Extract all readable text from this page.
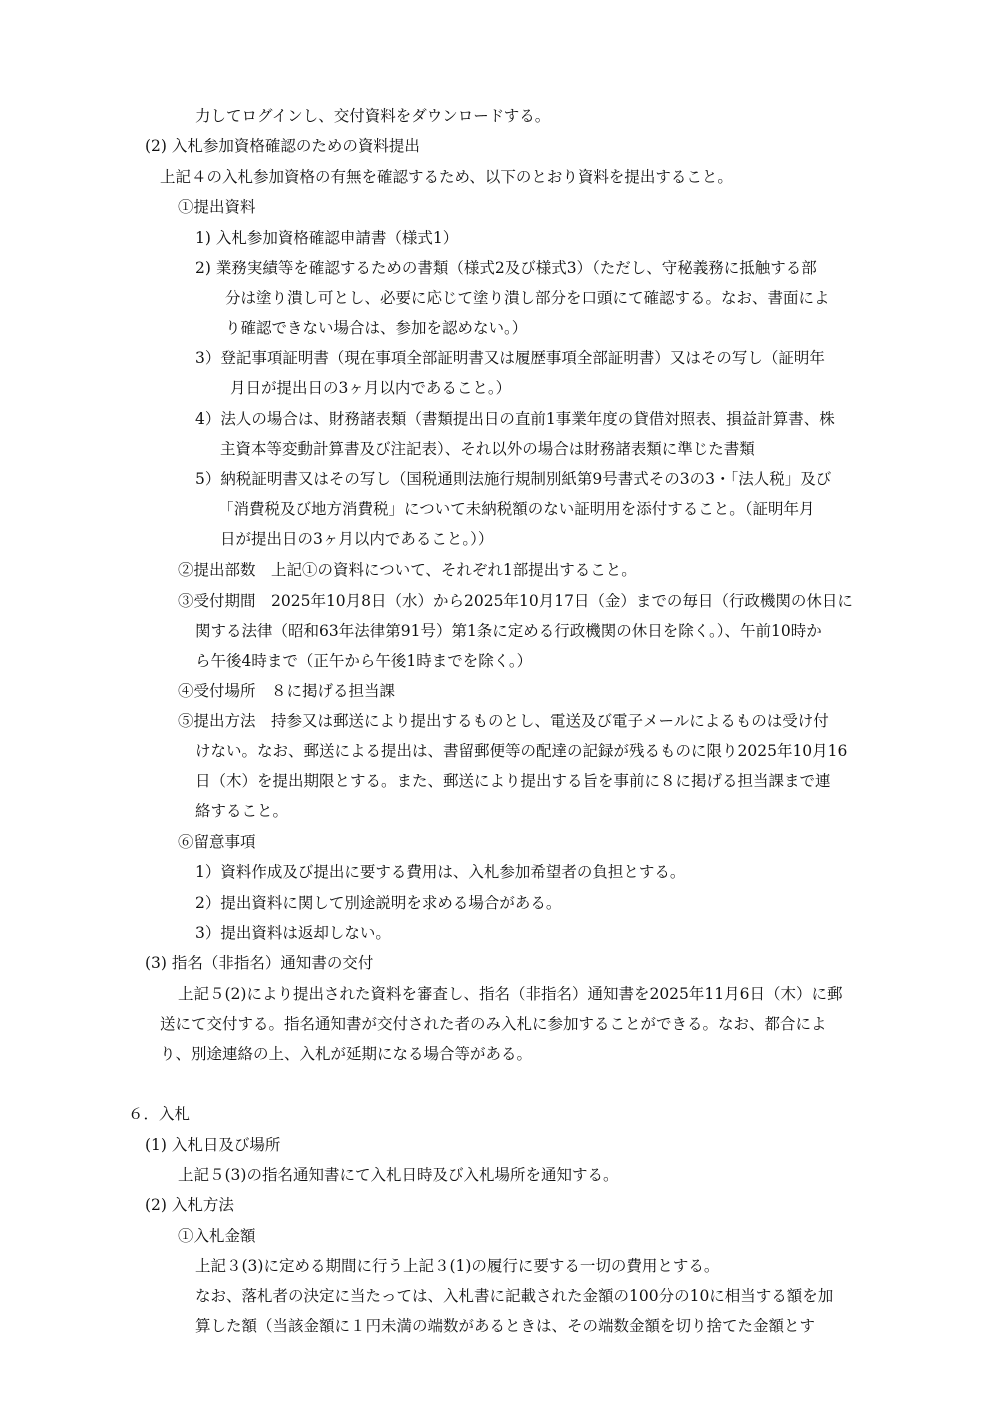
力してログインし、交付資料をダウンロードする。
(2) 入札参加資格確認のための資料提出
上記４の入札参加資格の有無を確認するため、以下のとおり資料を提出すること。
①提出資料
1) 入札参加資格確認申請書（様式1）
2) 業務実績等を確認するための書類（様式2及び様式3）（ただし、守秘義務に抵触する部
分は塗り潰し可とし、必要に応じて塗り潰し部分を口頭にて確認する。なお、書面によ
り確認できない場合は、参加を認めない。）
3）登記事項証明書（現在事項全部証明書又は履歴事項全部証明書）又はその写し（証明年
月日が提出日の3ヶ月以内であること。）
4）法人の場合は、財務諸表類（書類提出日の直前1事業年度の貸借対照表、損益計算書、株
主資本等変動計算書及び注記表）、それ以外の場合は財務諸表類に準じた書類
5）納税証明書又はその写し（国税通則法施行規制別紙第9号書式その3の3・「法人税」及び
「消費税及び地方消費税」について未納税額のない証明用を添付すること。（証明年月
日が提出日の3ヶ月以内であること。））
②提出部数　上記①の資料について、それぞれ1部提出すること。
③受付期間　2025年10月8日（水）から2025年10月17日（金）までの毎日（行政機関の休日に
関する法律（昭和63年法律第91号）第1条に定める行政機関の休日を除く。）、午前10時か
ら午後4時まで（正午から午後1時までを除く。）
④受付場所　８に掲げる担当課
⑤提出方法　持参又は郵送により提出するものとし、電送及び電子メールによるものは受け付
けない。なお、郵送による提出は、書留郵便等の配達の記録が残るものに限り2025年10月16
日（木）を提出期限とする。また、郵送により提出する旨を事前に８に掲げる担当課まで連
絡すること。
⑥留意事項
1）資料作成及び提出に要する費用は、入札参加希望者の負担とする。
2）提出資料に関して別途説明を求める場合がある。
3）提出資料は返却しない。
(3) 指名（非指名）通知書の交付
上記５(2)により提出された資料を審査し、指名（非指名）通知書を2025年11月6日（木）に郵
送にて交付する。指名通知書が交付された者のみ入札に参加することができる。なお、都合によ
り、別途連絡の上、入札が延期になる場合等がある。
６．入札
(1) 入札日及び場所
上記５(3)の指名通知書にて入札日時及び入札場所を通知する。
(2) 入札方法
①入札金額
上記３(3)に定める期間に行う上記３(1)の履行に要する一切の費用とする。
なお、落札者の決定に当たっては、入札書に記載された金額の100分の10に相当する額を加
算した額（当該金額に１円未満の端数があるときは、その端数金額を切り捨てた金額とす
